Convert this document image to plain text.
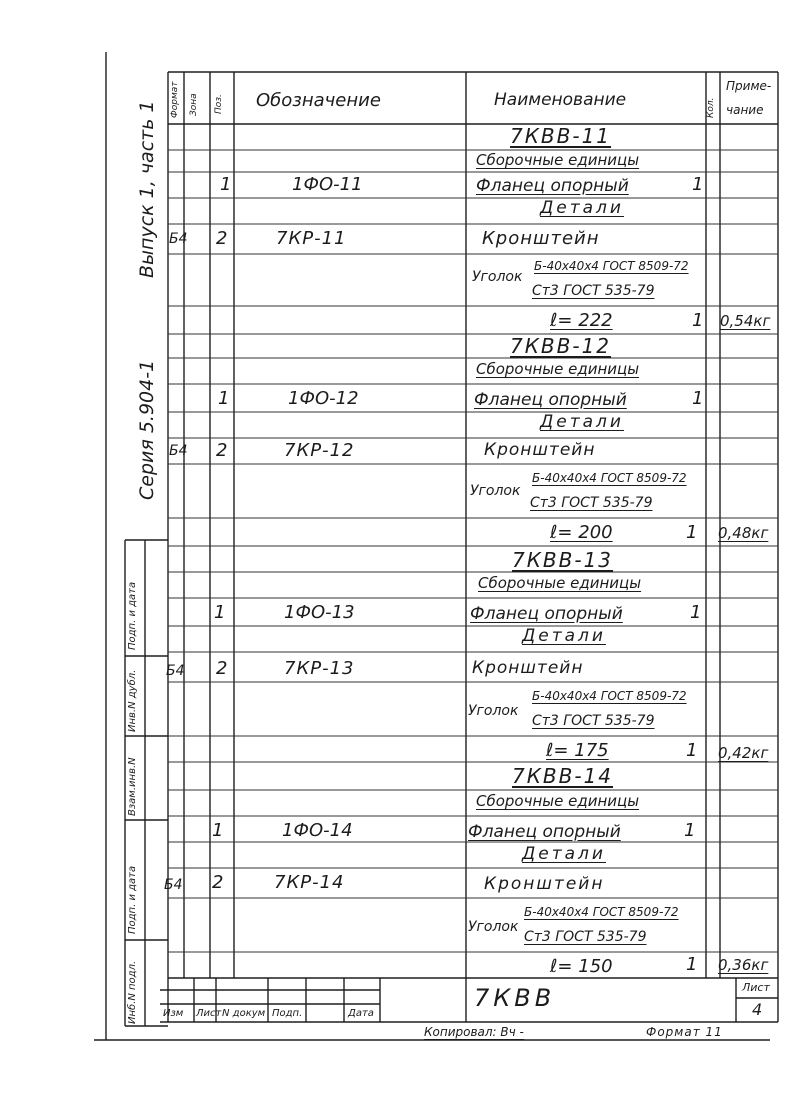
Выпуск 1, часть 1
Серия 5.904-1
Инб.N подл.
Подп. и дата
Взам.инв.N
Инв.N дубл.
Подп. и дата
Формат Зона Поз. Обозначение	Наименование	Кол.
Приме-
чание
7КВВ-11
Сборочные единицы
1	1ФО-11	Фланец опорный	1
Детали
Б4 2	7КР-11	Кронштейн
Уголок
Б-40x40x4 ГОСТ 8509-72
Ст3 ГОСТ 535-79
ℓ= 222	1 0,54кг
7КВВ-12
Сборочные единицы
1	1ФО-12	Фланец опорный	1
Детали
Б4 2	7КР-12	Кронштейн
Уголок
Б-40x40x4 ГОСТ 8509-72
Ст3 ГОСТ 535-79
ℓ= 200	1 0,48кг
7КВВ-13
Сборочные единицы
1	1ФО-13	Фланец опорный	1
Детали
Б4 2	7КР-13	Кронштейн
Уголок
Б-40x40x4 ГОСТ 8509-72
Ст3 ГОСТ 535-79
ℓ= 175	1 0,42кг
7КВВ-14
Сборочные единицы
1	1ФО-14	Фланец опорный	1
Детали
Б4 2	7КР-14	Кронштейн
Уголок
Б-40x40x4 ГОСТ 8509-72
Ст3 ГОСТ 535-79
ℓ= 150	1 0,36кг
7КВВ	Лист
4
Изм Лист N докум Подп.	Дата
Копировал: Вч -	Формат 11
